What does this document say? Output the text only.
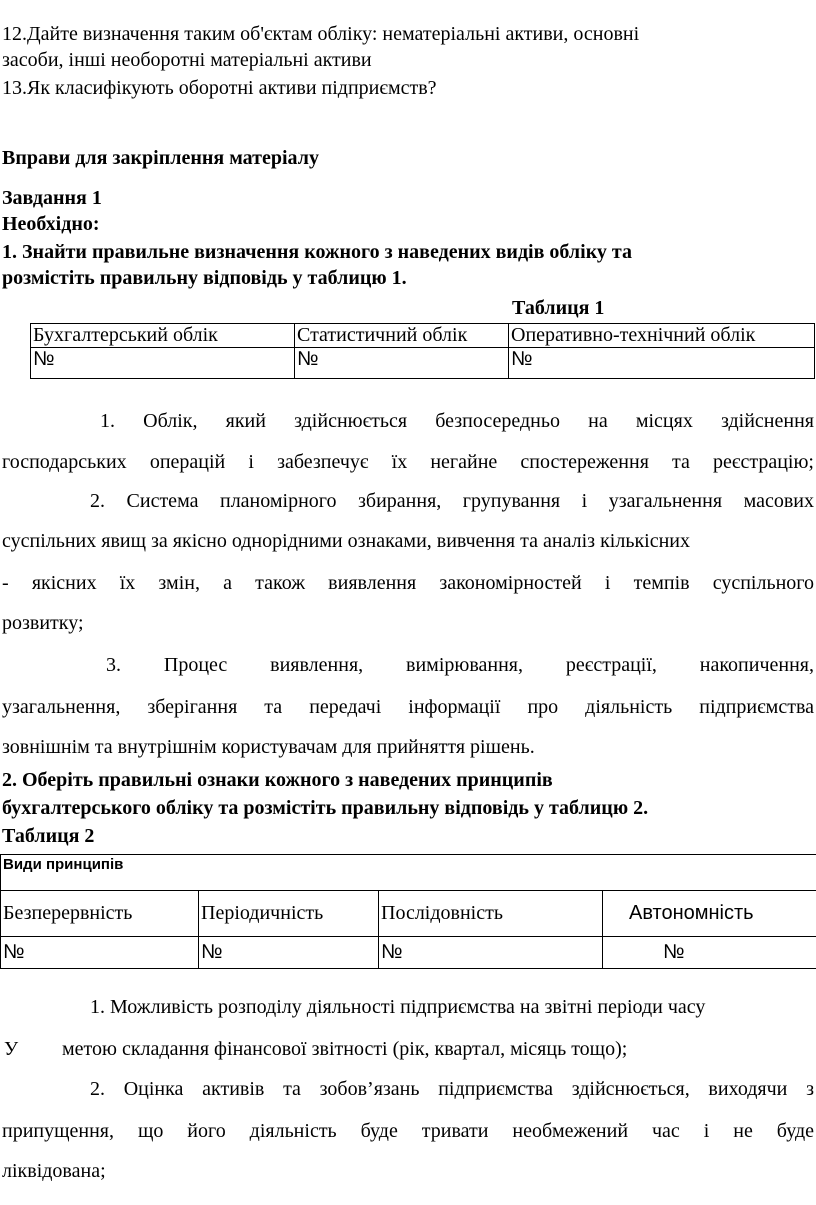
12.Дайте визначення таким об'єктам обліку: нематеріальні активи, основні
засоби, інші необоротні матеріальні активи
13.Як класифікують оборотні активи підприємств?
Вправи для закріплення матеріалу
Завдання 1
Необхідно:
1. Знайти правильне визначення кожного з наведених видів обліку та
розмістіть правильну відповідь у таблицю 1.
Таблиця 1
Бухгалтерський облік	Статистичний облік	Оперативно-технічний облік
№	№	№
1. Облік, який здійснюється безпосередньо на місцях здійснення
господарських операцій і забезпечує їх негайне спостереження та реєстрацію;
2. Система планомірного збирання, групування і узагальнення масових
суспільних явищ за якісно однорідними ознаками, вивчення та аналіз кількісних
- якісних їх змін, а також виявлення закономірностей і темпів суспільного
розвитку;
3. Процес виявлення, вимірювання, реєстрації, накопичення,
узагальнення, зберігання та передачі інформації про діяльність підприємства
зовнішнім та внутрішнім користувачам для прийняття рішень.
2. Оберіть правильні ознаки кожного з наведених принципів
бухгалтерського обліку та розмістіть правильну відповідь у таблицю 2.
Таблиця 2
Види принципів			
Безперервність	Періодичність	Послідовність	Автономність
№	№	№	№
1. Можливість розподілу діяльності підприємства на звітні періоди часу
У метою складання фінансової звітності (рік, квартал, місяць тощо);
2. Оцінка активів та зобов’язань підприємства здійснюється, виходячи з
припущення, що його діяльність буде тривати необмежений час і не буде
ліквідована;
